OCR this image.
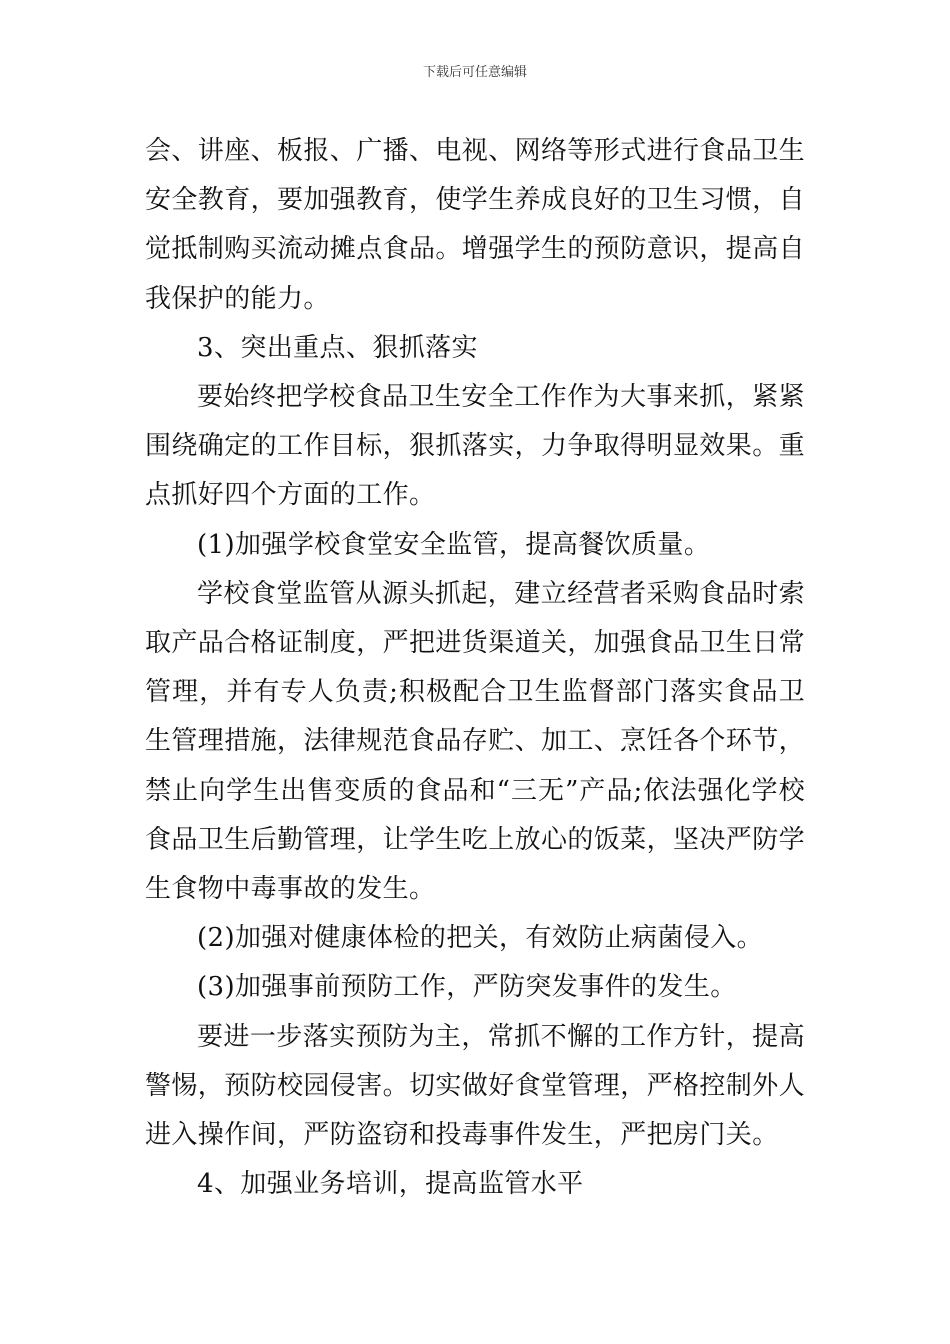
下载后可任意编辑

会、讲座、板报、广播、电视、网络等形式进行食品卫生安全教育，要加强教育，使学生养成良好的卫生习惯，自觉抵制购买流动摊点食品。增强学生的预防意识，提高自我保护的能力。

3、突出重点、狠抓落实

要始终把学校食品卫生安全工作作为大事来抓，紧紧围绕确定的工作目标，狠抓落实，力争取得明显效果。重点抓好四个方面的工作。

(1)加强学校食堂安全监管，提高餐饮质量。

学校食堂监管从源头抓起，建立经营者采购食品时索取产品合格证制度，严把进货渠道关，加强食品卫生日常管理，并有专人负责;积极配合卫生监督部门落实食品卫生管理措施，法律规范食品存贮、加工、烹饪各个环节，禁止向学生出售变质的食品和“三无”产品;依法强化学校食品卫生后勤管理，让学生吃上放心的饭菜，坚决严防学生食物中毒事故的发生。

(2)加强对健康体检的把关，有效防止病菌侵入。

(3)加强事前预防工作，严防突发事件的发生。

要进一步落实预防为主，常抓不懈的工作方针，提高警惕，预防校园侵害。切实做好食堂管理，严格控制外人进入操作间，严防盗窃和投毒事件发生，严把房门关。

4、加强业务培训，提高监管水平
